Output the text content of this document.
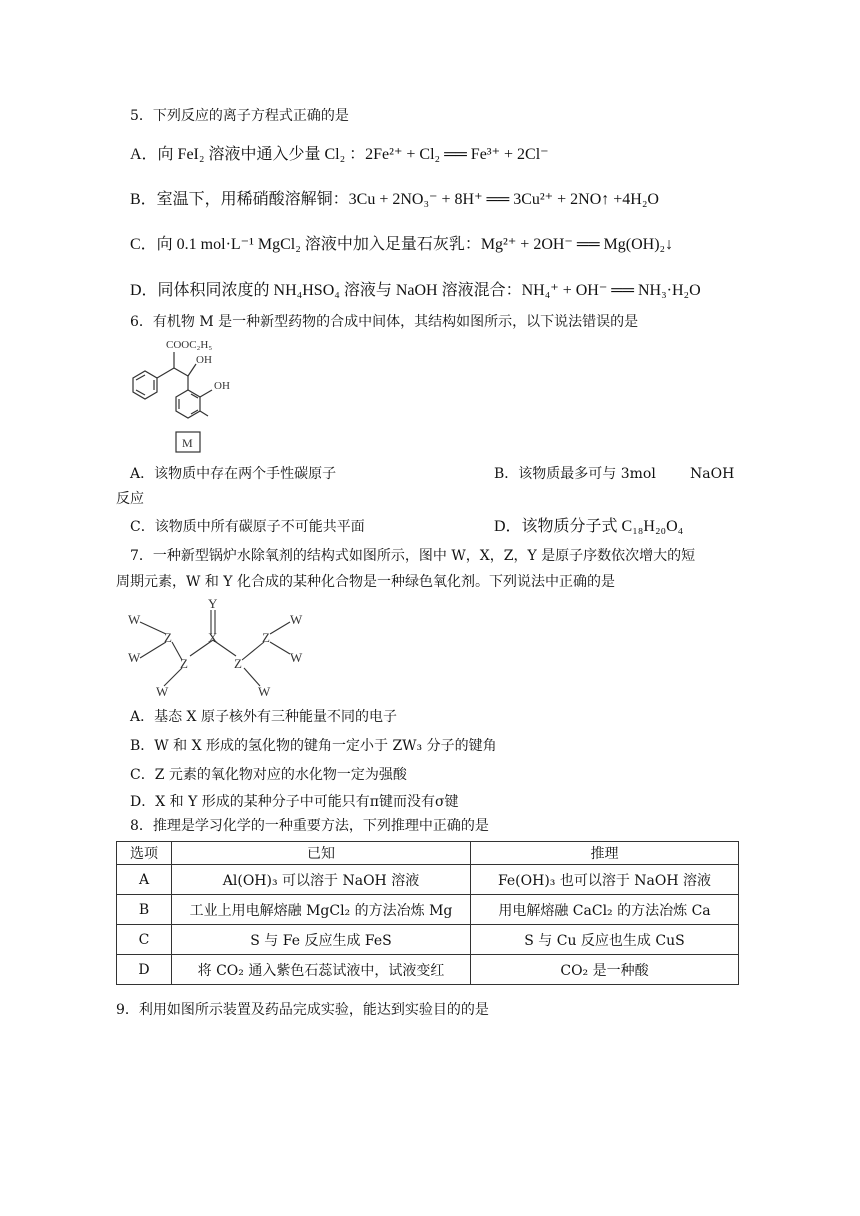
5．下列反应的离子方程式正确的是
A．向 FeI₂ 溶液中通入少量 Cl₂ ：2Fe²⁺ + Cl₂ ══ Fe³⁺ + 2Cl⁻
B．室温下，用稀硝酸溶解铜：3Cu + 2NO₃⁻ + 8H⁺ ══ 3Cu²⁺ + 2NO↑ +4H₂O
C．向 0.1 mol·L⁻¹ MgCl₂ 溶液中加入足量石灰乳：Mg²⁺ + 2OH⁻ ══ Mg(OH)₂↓
D．同体积同浓度的 NH₄HSO₄ 溶液与 NaOH 溶液混合：NH₄⁺ + OH⁻ ══ NH₃·H₂O
6．有机物 M 是一种新型药物的合成中间体，其结构如图所示，以下说法错误的是
COOC₂H₅
OH
OH
M
A．该物质中存在两个手性碳原子	B．该物质最多可与 3mol NaOH
反应
C．该物质中所有碳原子不可能共平面	D．该物质分子式 C₁₈H₂₀O₄
7．一种新型锅炉水除氧剂的结构式如图所示，图中 W，X，Z，Y 是原子序数依次增大的短
周期元素，W 和 Y 化合成的某种化合物是一种绿色氧化剂。下列说法中正确的是
Y
X
W
W
Z
Z
W
Z
Z
W
W
W
A．基态 X 原子核外有三种能量不同的电子
B．W 和 X 形成的氢化物的键角一定小于 ZW₃ 分子的键角
C．Z 元素的氧化物对应的水化物一定为强酸
D．X 和 Y 形成的某种分子中可能只有π键而没有σ键
8．推理是学习化学的一种重要方法，下列推理中正确的是
选项	已知	推理
A	Al(OH)₃ 可以溶于 NaOH 溶液	Fe(OH)₃ 也可以溶于 NaOH 溶液
B	工业上用电解熔融 MgCl₂ 的方法冶炼 Mg	用电解熔融 CaCl₂ 的方法冶炼 Ca
C	S 与 Fe 反应生成 FeS	S 与 Cu 反应也生成 CuS
D	将 CO₂ 通入紫色石蕊试液中，试液变红	CO₂ 是一种酸
9．利用如图所示装置及药品完成实验，能达到实验目的的是
